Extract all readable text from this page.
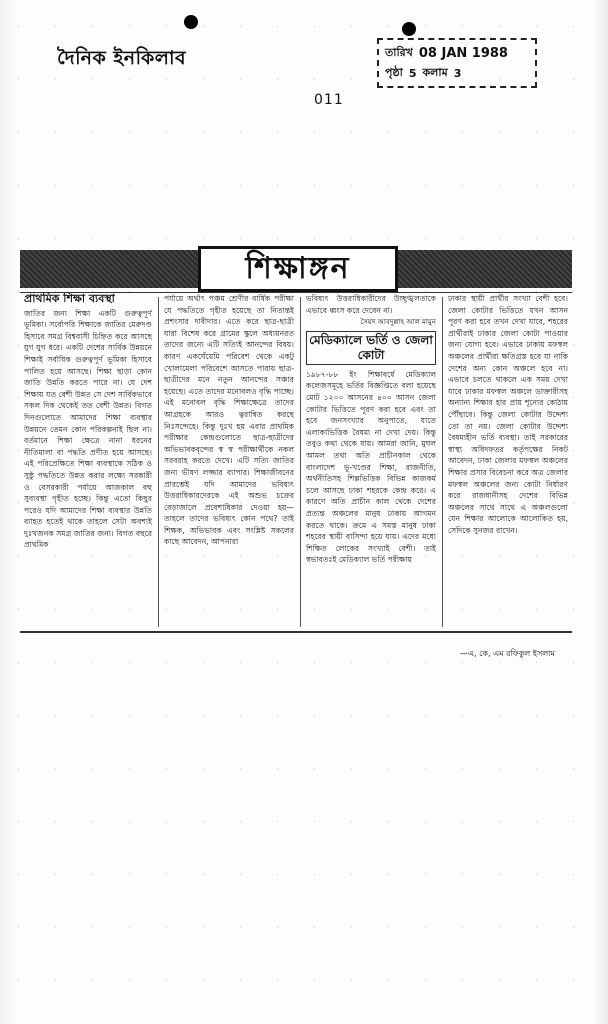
দৈনিক ইনকিলাব	তারিখ 08 JAN 1988
পৃষ্ঠা 5 কলাম 3
011
শিক্ষাঙ্গন
প্রাথমিক শিক্ষা ব্যবস্থা

জাতির জন্য শিক্ষা একটি গুরুত্বপূর্ণ ভূমিকা। সর্বোপরি শিক্ষাকে জাতির মেরুদণ্ড হিসাবে সমগ্র বিশ্ববাসী চিহ্নিত করে আসছে যুগ যুগ ধরে। একটি দেশের সার্বিক উন্নয়নে শিক্ষাই সর্বাধিক গুরুত্বপূর্ণ ভূমিকা হিসাবে পালিত হয়ে আসছে। শিক্ষা ছাড়া কোন জাতি উন্নতি করতে পারে না। যে দেশ শিক্ষায় যত বেশী উন্নত সে দেশ সার্বিকভাবে সকল দিক থেকেই তত বেশী উন্নত। বিগত দিনগুলোতে আমাদের শিক্ষা ব্যবস্থার উন্নয়নে তেমন কোন পরিকল্পনাই ছিল না। বর্তমানে শিক্ষা ক্ষেত্রে নানা ধরনের নীতিমালা বা পদ্ধতি প্রণীত হয়ে আসছে। এই পরিপ্রেক্ষিতে শিক্ষা ব্যবস্থাকে সঠিক ও সুষ্ঠু পদ্ধতিতে উন্নত করার লক্ষ্যে সরকারী ও বেসরকারী পর্যায়ে আজকাল বহু সুব্যবস্থা গৃহীত হচ্ছে। কিন্তু এতো কিছুর পরেও যদি আমাদের শিক্ষা ব্যবস্থার উন্নতি ব্যাহত হতেই থাকে তাহলে সেটা অবশ্যই দুঃখজনক সমগ্র জাতির জন্য। বিগত বছরে প্রাথমিক

পর্যায়ে অর্থাৎ পঞ্চম শ্রেণীর বার্ষিক পরীক্ষা যে পদ্ধতিতে গৃহীত হয়েছে তা নিতান্তই প্রশংসার দাবীদার। এতে করে ছাত্র-ছাত্রী যারা বিশেষ করে গ্রামের স্কুলে অধ্যয়নরত তাদের জন্যে এটি সত্যিই আনন্দের বিষয়। কারণ একঘেঁয়েমি পরিবেশ থেকে একটু খোলামেলা পরিবেশে আসতে পারায় ছাত্র-ছাত্রীদের মনে নতুন আনন্দের সঞ্চার হয়েছে। এতে তাদের মনোবলও বৃদ্ধি পাচ্ছে। এই মনোবল বৃদ্ধি শিক্ষাক্ষেত্রে তাদের আগ্রহকে আরও ত্বরান্বিত করছে নিঃসন্দেহে। কিন্তু দুঃখ হয় এবার প্রাথমিক পরীক্ষার কেন্দ্রগুলোতে ছাত্র-ছাত্রীদের অভিভাবকবৃন্দের স্ব স্ব পরীক্ষার্থীকে নকল সরবরাহ করতে দেখে। এটি সত্যি জাতির জন্য ভীষণ লজ্জার ব্যাপার। শিক্ষাজীবনের প্রারম্ভেই যদি আমাদের ভবিষ্যৎ উত্তরাধিকারদেরকে এই অশুভ চক্রের বেড়াজালে প্রবেশাধিকার দেওয়া হয়— তাহলে তাদের ভবিষ্যৎ কোন পথে? তাই শিক্ষক, অভিভাবক এবং সংশ্লিষ্ট সকলের কাছে আবেদন, আপনারা

ভবিষ্যৎ উত্তরাধিকারীদের উচ্ছৃঙ্খলতাকে এভাবে ধ্বংস করে দেবেন না।

সৈয়দ আবদুল্লাহ আল মামুন
মেডিক্যালে ভর্তি ও জেলা কোটা

১৯৮৭-৮৮ ইং শিক্ষাবর্ষে মেডিক্যাল কলেজসমূহে ভর্তির বিজ্ঞপ্তিতে বলা হয়েছে মোট ১২০০ আসনের ৪০০ আসন জেলা কোটার ভিত্তিতে পূরণ করা হবে এবং তা হবে জনসংখ্যার অনুপাতে, যাতে এলাকাভিত্তিক বৈষম্য না দেখা দেয়। কিন্তু তবুও কথা থেকে যায়। আমরা জানি, মুঘল আমল তথা অতি প্রাচীনকাল থেকে বাংলাদেশ ভূ-খণ্ডের শিক্ষা, রাজনীতি, অর্থনীতিসহ শিল্পভিত্তিক বিভিন্ন কাজকর্ম চলে আসছে ঢাকা শহরকে কেন্দ্র করে। এ কারণে অতি প্রাচীন কাল থেকে দেশের প্রত্যন্ত অঞ্চলের মানুষ ঢাকায় আগমন করতে থাকে। ক্রমে এ সমস্ত মানুষ ঢাকা শহরের স্থায়ী বাসিন্দা হয়ে যায়। এদের মধ্যে শিক্ষিত লোকের সংখ্যাই বেশী। তাই স্বভাবতঃই মেডিক্যাল ভর্তি পরীক্ষায়

ঢাকার স্থায়ী প্রার্থীর সংখ্যা বেশী হবে। জেলা কোটার ভিত্তিতে যখন আসন পূরণ করা হবে তখন দেখা যাবে, শহরের প্রার্থীরাই ঢাকার জেলা কোটা পাওয়ার জন্য যোগ্য হবে। এভাবে ঢাকায় মফস্বল অঞ্চলের প্রার্থীরা ক্ষতিগ্রস্ত হবে যা নাকি দেশের অন্য কোন অঞ্চলে হবে না। এভাবে চলতে থাকলে এক সময় দেখা যাবে ঢাকার মফস্বল অঞ্চলে ডাক্তারীসহ অন্যান্য শিক্ষার হার প্রায় শূন্যের কোঠায় পৌঁছাবে। কিন্তু জেলা কোটার উদ্দেশ্য তো তা নয়। জেলা কোটার উদ্দেশ্য বৈষম্যহীন ভর্তি ব্যবস্থা। তাই সরকারের স্বাস্থ্য অধিদফতর কর্তৃপক্ষের নিকট আবেদন, ঢাকা জেলার মফস্বল অঞ্চলের শিক্ষার প্রসার বিবেচনা করে অত্র জেলার মফস্বল অঞ্চলের জন্য কোটা নির্ধারণ করে রাজধানীসহ দেশের বিভিন্ন অঞ্চলের সাথে সাথে এ অঞ্চলগুলো যেন শিক্ষার আলোকে আলোকিত হয়, সেদিকে সুনজর রাখেন।

—এ, কে, এম রফিকুল ইসলাম
